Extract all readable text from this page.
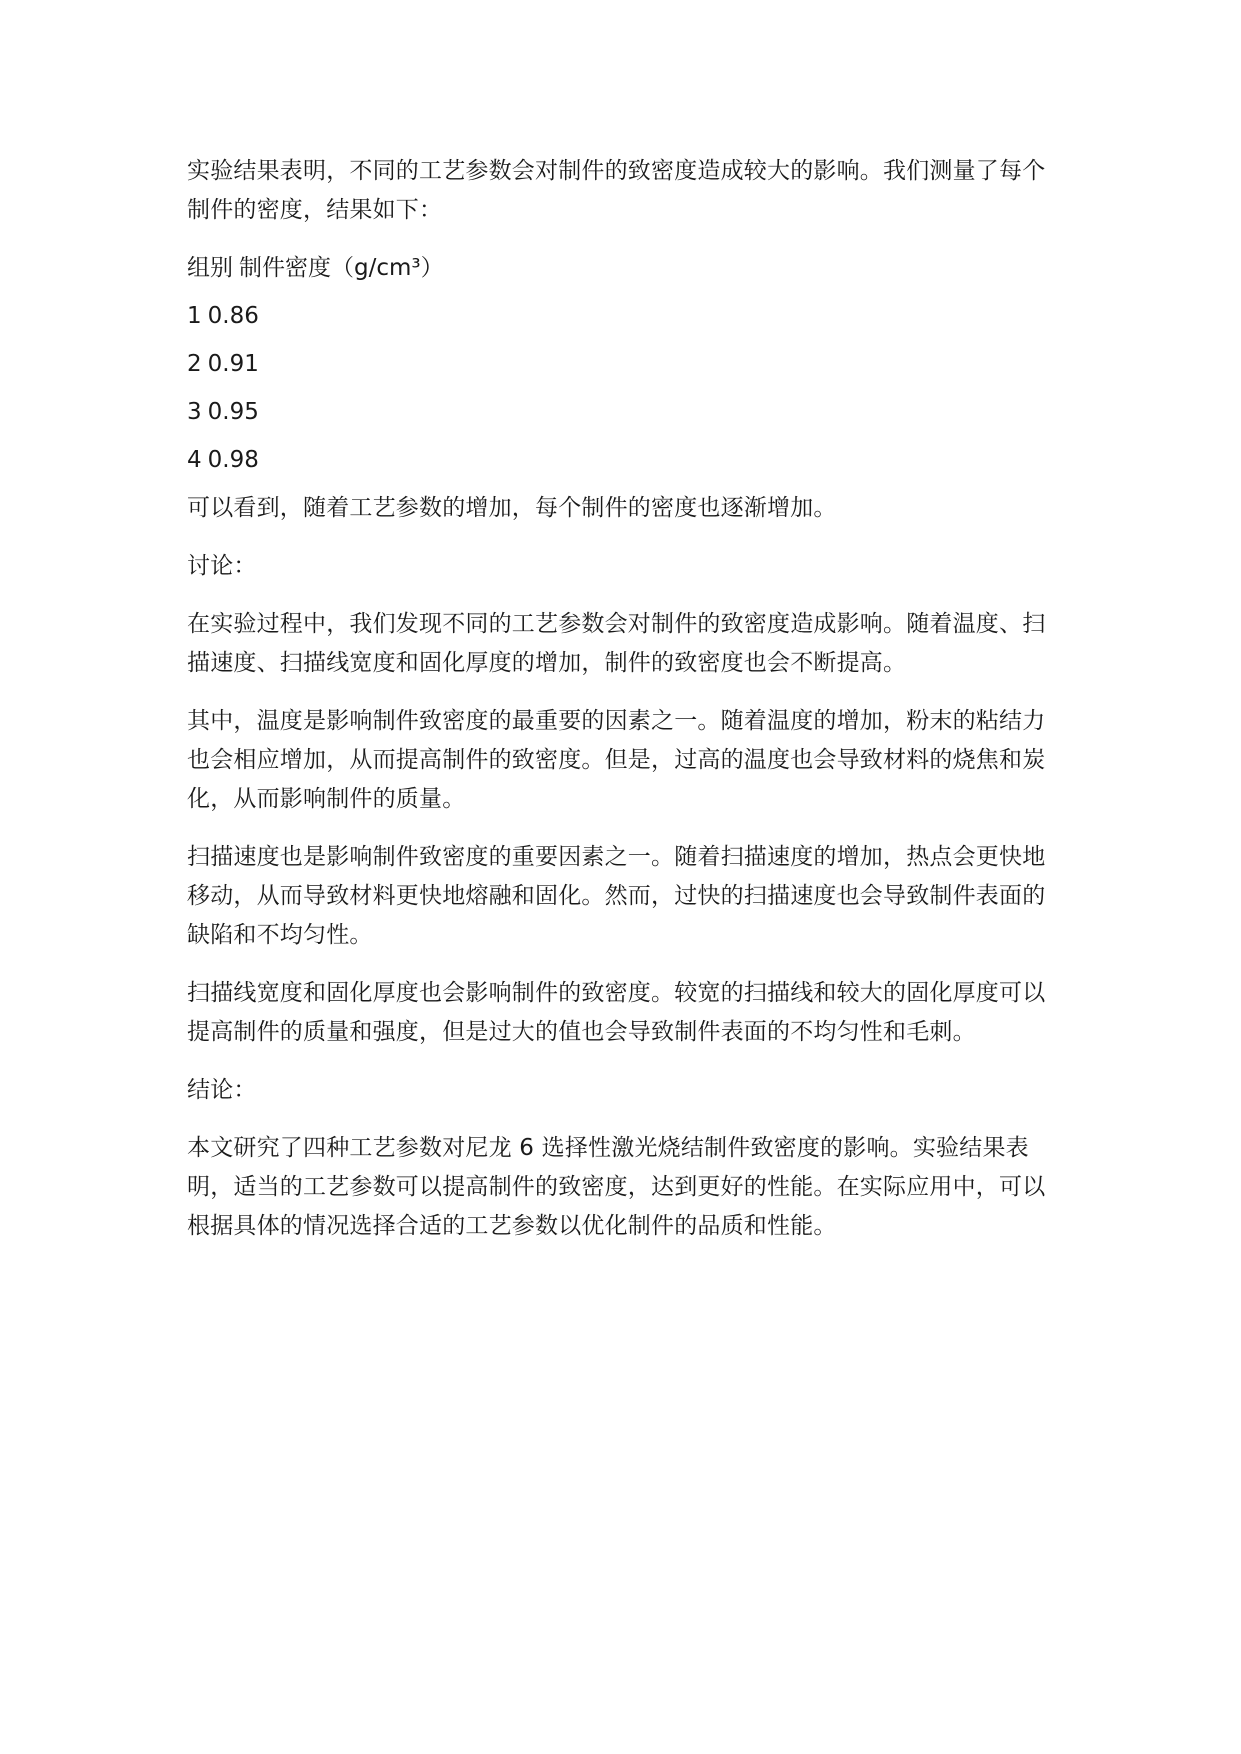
实验结果表明，不同的工艺参数会对制件的致密度造成较大的影响。我们测量了每个制件的密度，结果如下：

组别 制件密度（g/cm³）

1 0.86

2 0.91

3 0.95

4 0.98

可以看到，随着工艺参数的增加，每个制件的密度也逐渐增加。

讨论：

在实验过程中，我们发现不同的工艺参数会对制件的致密度造成影响。随着温度、扫描速度、扫描线宽度和固化厚度的增加，制件的致密度也会不断提高。

其中，温度是影响制件致密度的最重要的因素之一。随着温度的增加，粉末的粘结力也会相应增加，从而提高制件的致密度。但是，过高的温度也会导致材料的烧焦和炭化，从而影响制件的质量。

扫描速度也是影响制件致密度的重要因素之一。随着扫描速度的增加，热点会更快地移动，从而导致材料更快地熔融和固化。然而，过快的扫描速度也会导致制件表面的缺陷和不均匀性。

扫描线宽度和固化厚度也会影响制件的致密度。较宽的扫描线和较大的固化厚度可以提高制件的质量和强度，但是过大的值也会导致制件表面的不均匀性和毛刺。

结论：

本文研究了四种工艺参数对尼龙 6 选择性激光烧结制件致密度的影响。实验结果表明，适当的工艺参数可以提高制件的致密度，达到更好的性能。在实际应用中，可以根据具体的情况选择合适的工艺参数以优化制件的品质和性能。
